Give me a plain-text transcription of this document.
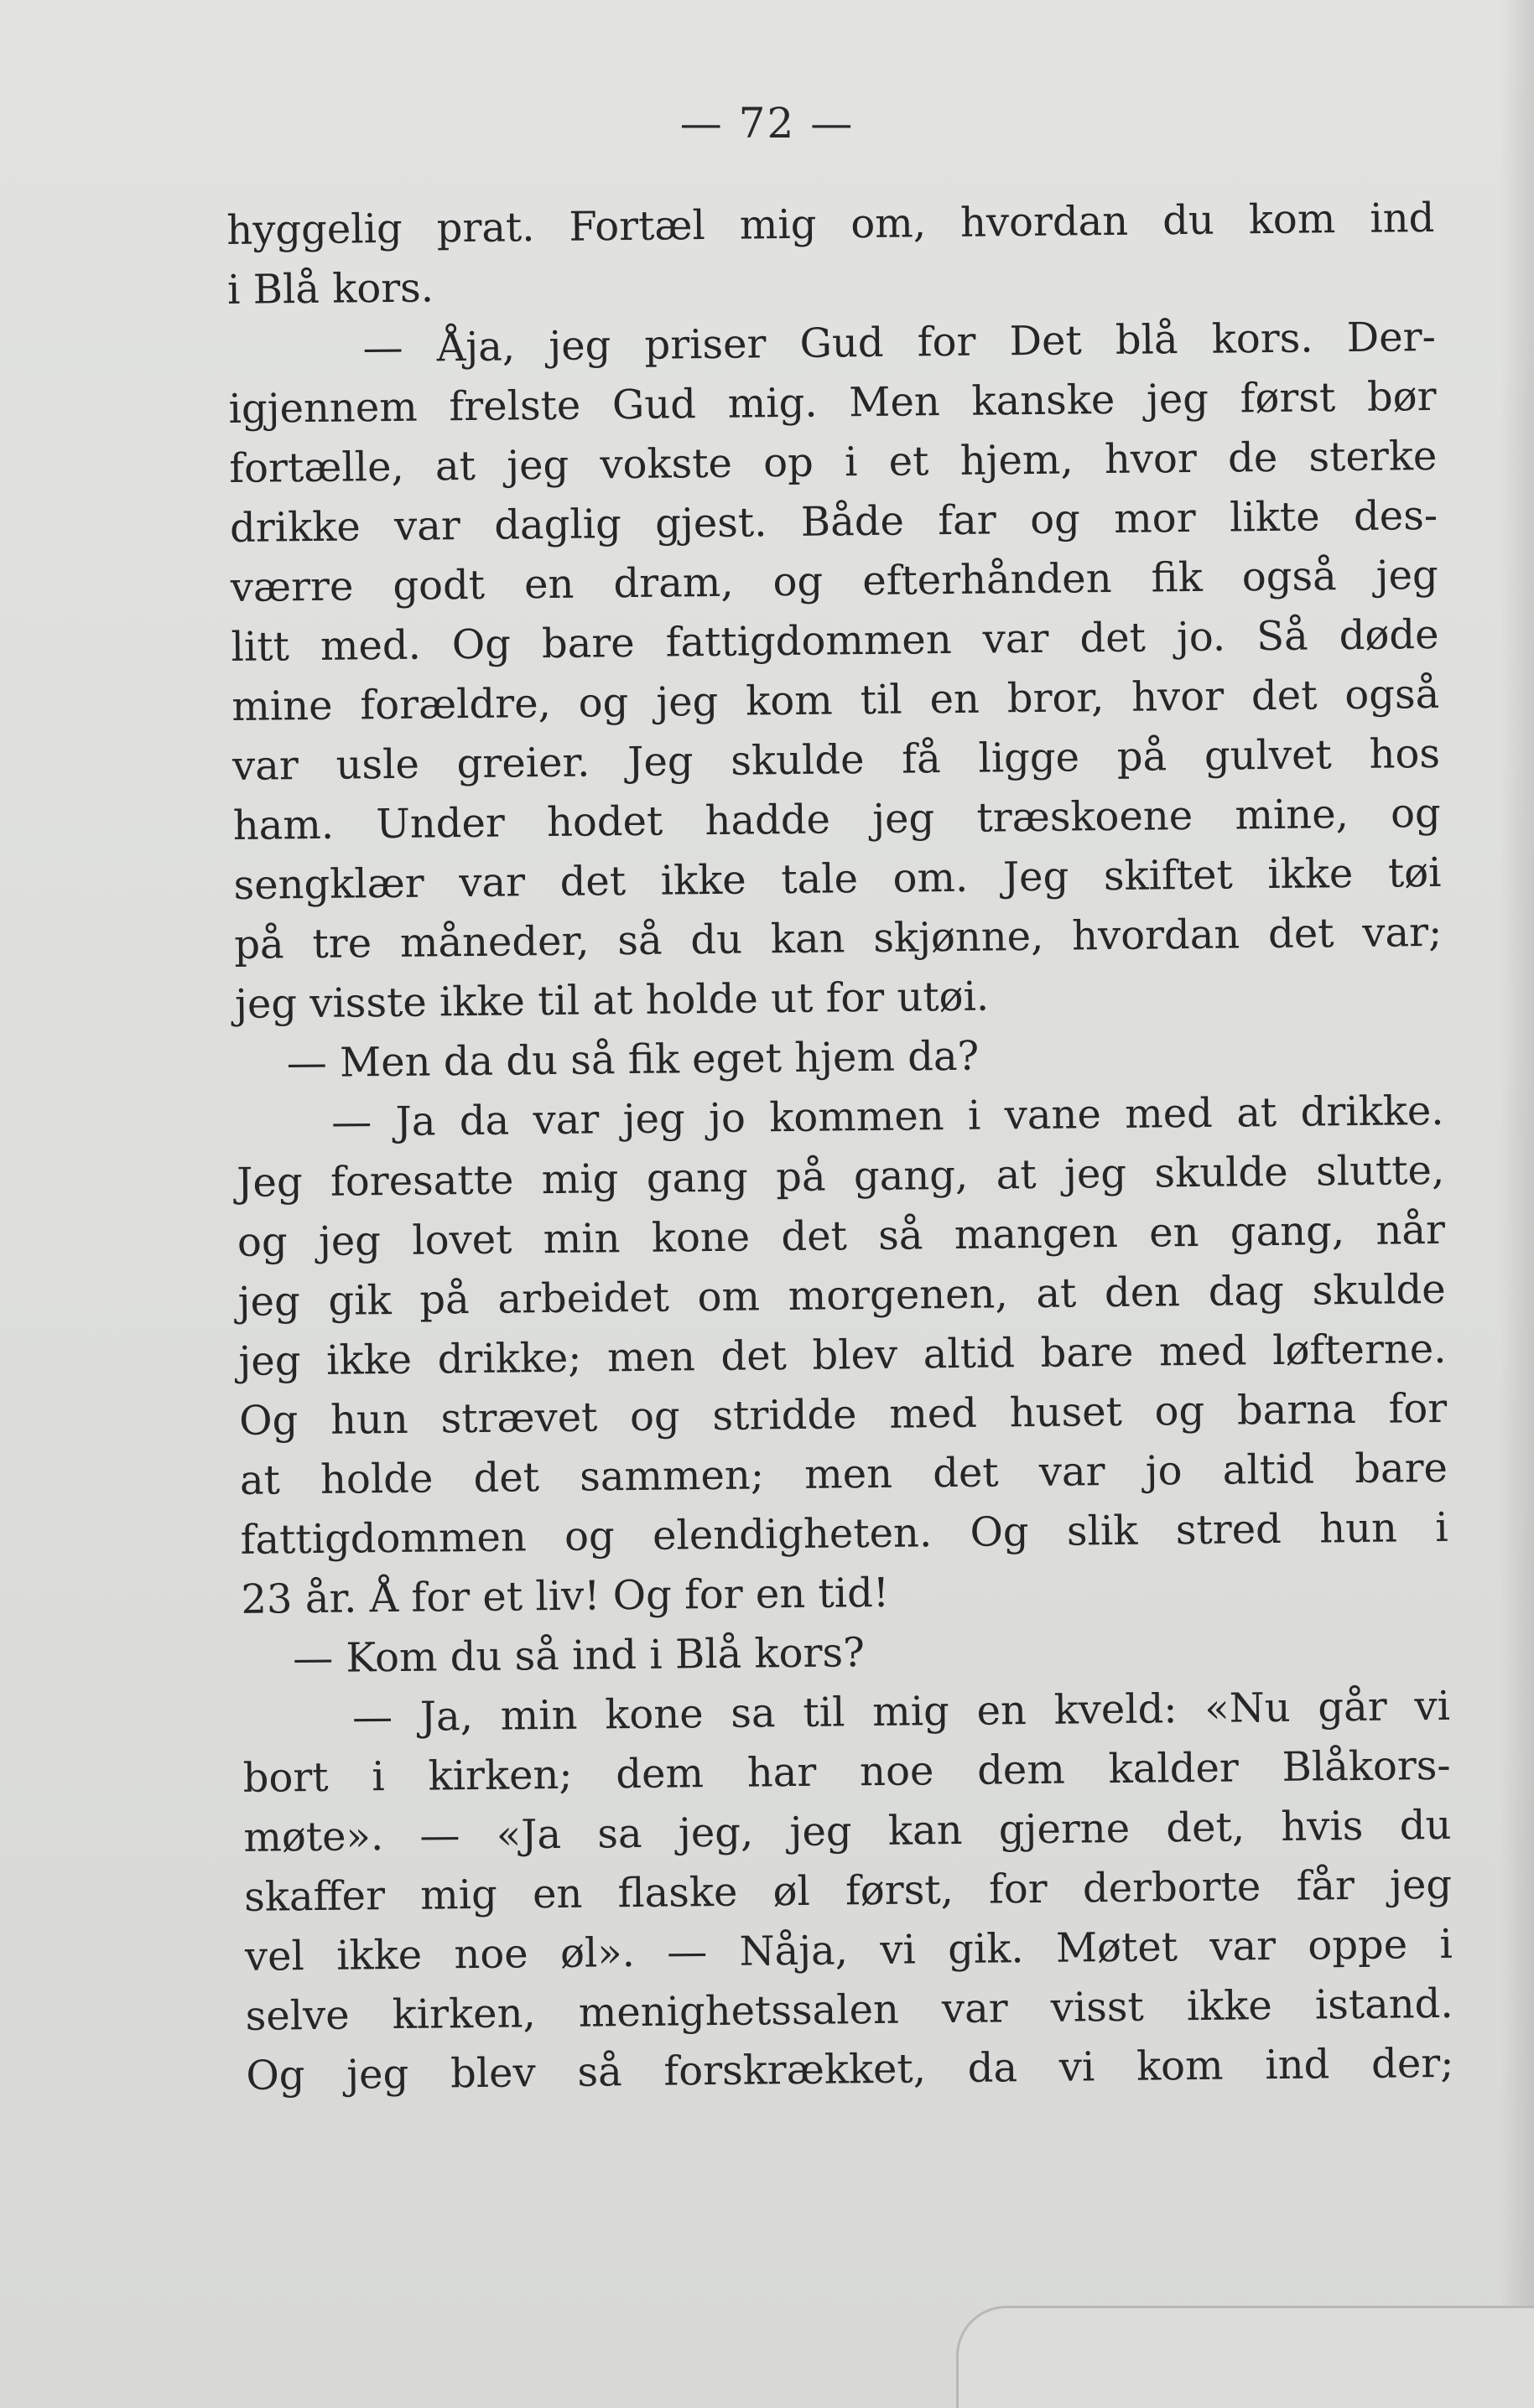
— 72 —
hyggelig prat. Fortæl mig om, hvordan du kom ind
i Blå kors.
— Åja, jeg priser Gud for Det blå kors. Der-
igjennem frelste Gud mig. Men kanske jeg først bør
fortælle, at jeg vokste op i et hjem, hvor de sterke
drikke var daglig gjest. Både far og mor likte des-
værre godt en dram, og efterhånden fik også jeg
litt med. Og bare fattigdommen var det jo. Så døde
mine forældre, og jeg kom til en bror, hvor det også
var usle greier. Jeg skulde få ligge på gulvet hos
ham. Under hodet hadde jeg træskoene mine, og
sengklær var det ikke tale om. Jeg skiftet ikke tøi
på tre måneder, så du kan skjønne, hvordan det var;
jeg visste ikke til at holde ut for utøi.
— Men da du så fik eget hjem da?
— Ja da var jeg jo kommen i vane med at drikke.
Jeg foresatte mig gang på gang, at jeg skulde slutte,
og jeg lovet min kone det så mangen en gang, når
jeg gik på arbeidet om morgenen, at den dag skulde
jeg ikke drikke; men det blev altid bare med løfterne.
Og hun strævet og stridde med huset og barna for
at holde det sammen; men det var jo altid bare
fattigdommen og elendigheten. Og slik stred hun i
23 år. Å for et liv! Og for en tid!
— Kom du så ind i Blå kors?
— Ja, min kone sa til mig en kveld: «Nu går vi
bort i kirken; dem har noe dem kalder Blåkors-
møte». — «Ja sa jeg, jeg kan gjerne det, hvis du
skaffer mig en flaske øl først, for derborte får jeg
vel ikke noe øl». — Nåja, vi gik. Møtet var oppe i
selve kirken, menighetssalen var visst ikke istand.
Og jeg blev så forskrækket, da vi kom ind der;
